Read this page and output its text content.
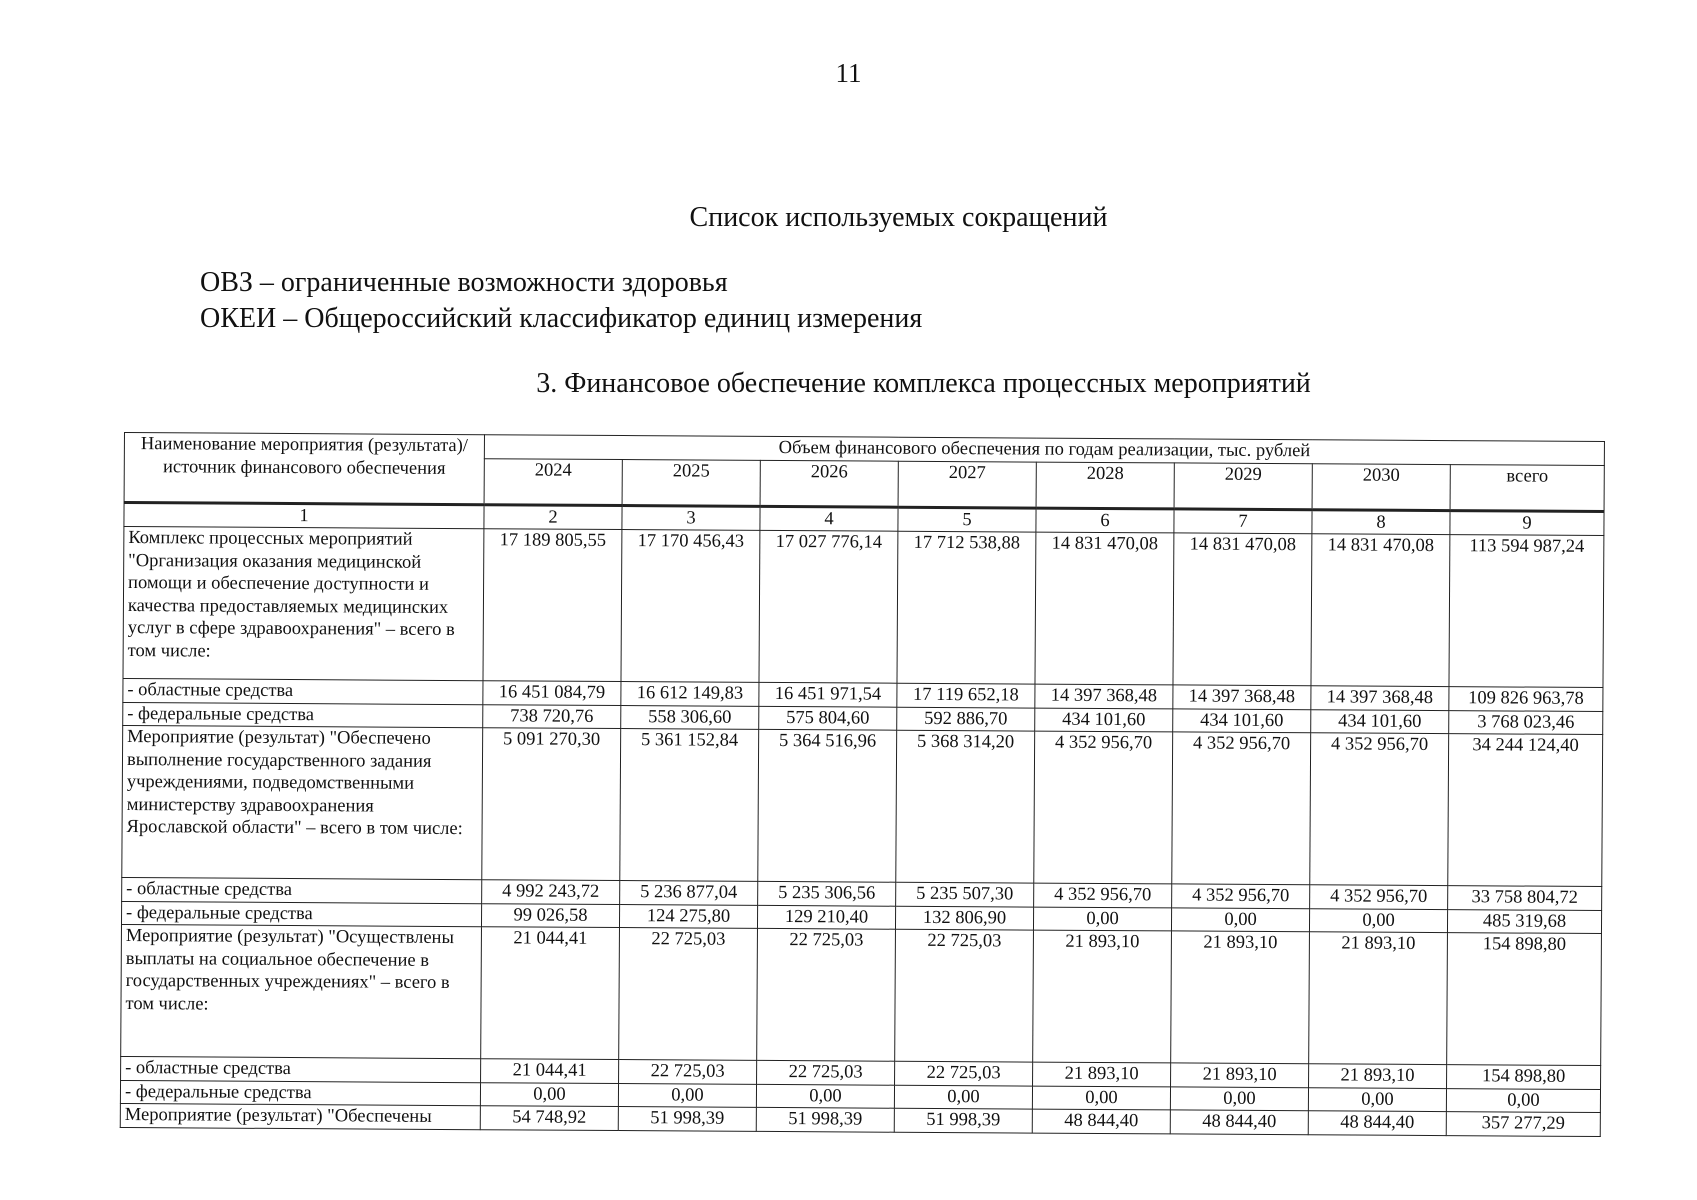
11
Список используемых сокращений
ОВЗ – ограниченные возможности здоровья
ОКЕИ – Общероссийский классификатор единиц измерения
3. Финансовое обеспечение комплекса процессных мероприятий
Наименование мероприятия (результата)/ источник финансового обеспечения	Объем финансового обеспечения по годам реализации, тыс. рублей							
	2024	2025	2026	2027	2028	2029	2030	всего
1	2	3	4	5	6	7	8	9
Комплекс процессных мероприятий "Организация оказания медицинской помощи и обеспечение доступности и качества предоставляемых медицинских услуг в сфере здравоохранения" – всего в том числе:	17 189 805,55	17 170 456,43	17 027 776,14	17 712 538,88	14 831 470,08	14 831 470,08	14 831 470,08	113 594 987,24
- областные средства	16 451 084,79	16 612 149,83	16 451 971,54	17 119 652,18	14 397 368,48	14 397 368,48	14 397 368,48	109 826 963,78
- федеральные средства	738 720,76	558 306,60	575 804,60	592 886,70	434 101,60	434 101,60	434 101,60	3 768 023,46
Мероприятие (результат) "Обеспечено выполнение государственного задания учреждениями, подведомственными министерству здравоохранения Ярославской области" – всего в том числе:	5 091 270,30	5 361 152,84	5 364 516,96	5 368 314,20	4 352 956,70	4 352 956,70	4 352 956,70	34 244 124,40
- областные средства	4 992 243,72	5 236 877,04	5 235 306,56	5 235 507,30	4 352 956,70	4 352 956,70	4 352 956,70	33 758 804,72
- федеральные средства	99 026,58	124 275,80	129 210,40	132 806,90	0,00	0,00	0,00	485 319,68
Мероприятие (результат) "Осуществлены выплаты на социальное обеспечение в государственных учреждениях" – всего в том числе:	21 044,41	22 725,03	22 725,03	22 725,03	21 893,10	21 893,10	21 893,10	154 898,80
- областные средства	21 044,41	22 725,03	22 725,03	22 725,03	21 893,10	21 893,10	21 893,10	154 898,80
- федеральные средства	0,00	0,00	0,00	0,00	0,00	0,00	0,00	0,00
Мероприятие (результат) "Обеспечены	54 748,92	51 998,39	51 998,39	51 998,39	48 844,40	48 844,40	48 844,40	357 277,29
